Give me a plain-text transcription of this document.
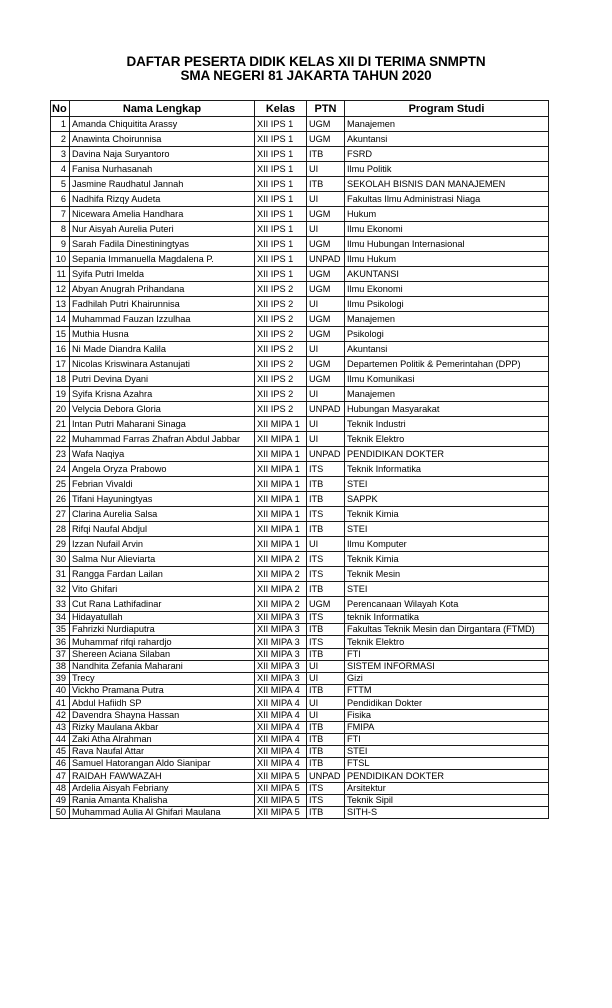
DAFTAR PESERTA DIDIK KELAS XII DI TERIMA SNMPTN
SMA NEGERI 81 JAKARTA TAHUN 2020
No	Nama Lengkap	Kelas	PTN	Program Studi
1	Amanda Chiquitita Arassy	XII IPS 1	UGM	Manajemen
2	Anawinta Choirunnisa	XII IPS 1	UGM	Akuntansi
3	Davina Naja Suryantoro	XII IPS 1	ITB	FSRD
4	Fanisa Nurhasanah	XII IPS 1	UI	Ilmu Politik
5	Jasmine Raudhatul Jannah	XII IPS 1	ITB	SEKOLAH BISNIS DAN MANAJEMEN
6	Nadhifa Rizqy Audeta	XII IPS 1	UI	Fakultas Ilmu Administrasi Niaga
7	Nicewara Amelia Handhara	XII IPS 1	UGM	Hukum
8	Nur Aisyah Aurelia Puteri	XII IPS 1	UI	Ilmu Ekonomi
9	Sarah Fadila Dinestiningtyas	XII IPS 1	UGM	Ilmu Hubungan Internasional
10	Sepania Immanuella Magdalena P.	XII IPS 1	UNPAD	Ilmu Hukum
11	Syifa Putri Imelda	XII IPS 1	UGM	AKUNTANSI
12	Abyan Anugrah Prihandana	XII IPS 2	UGM	Ilmu Ekonomi
13	Fadhilah Putri Khairunnisa	XII IPS 2	UI	Ilmu Psikologi
14	Muhammad Fauzan Izzulhaa	XII IPS 2	UGM	Manajemen
15	Muthia Husna	XII IPS 2	UGM	Psikologi
16	Ni Made Diandra Kalila	XII IPS 2	UI	Akuntansi
17	Nicolas Kriswinara Astanujati	XII IPS 2	UGM	Departemen Politik & Pemerintahan (DPP)
18	Putri Devina Dyani	XII IPS 2	UGM	Ilmu Komunikasi
19	Syifa Krisna Azahra	XII IPS 2	UI	Manajemen
20	Velycia Debora Gloria	XII IPS 2	UNPAD	Hubungan Masyarakat
21	Intan Putri Maharani Sinaga	XII MIPA 1	UI	Teknik Industri
22	Muhammad Farras Zhafran Abdul Jabbar	XII MIPA 1	UI	Teknik Elektro
23	Wafa Naqiya	XII MIPA 1	UNPAD	PENDIDIKAN DOKTER
24	Angela Oryza Prabowo	XII MIPA 1	ITS	Teknik Informatika
25	Febrian Vivaldi	XII MIPA 1	ITB	STEI
26	Tifani Hayuningtyas	XII MIPA 1	ITB	SAPPK
27	Clarina Aurelia Salsa	XII MIPA 1	ITS	Teknik Kimia
28	Rifqi Naufal Abdjul	XII MIPA 1	ITB	STEI
29	Izzan Nufail Arvin	XII MIPA 1	UI	Ilmu Komputer
30	Salma Nur Alieviarta	XII MIPA 2	ITS	Teknik Kimia
31	Rangga Fardan Lailan	XII MIPA 2	ITS	Teknik Mesin
32	Vito Ghifari	XII MIPA 2	ITB	STEI
33	Cut Rana Lathifadinar	XII MIPA 2	UGM	Perencanaan Wilayah Kota
34	Hidayatullah	XII MIPA 3	ITS	teknik Informatika
35	Fahrizki Nurdiaputra	XII MIPA 3	ITB	Fakultas Teknik Mesin dan Dirgantara (FTMD)
36	Muhammaf rifqi rahardjo	XII MIPA 3	ITS	Teknik Elektro
37	Shereen Aciana Silaban	XII MIPA 3	ITB	FTI
38	Nandhita Zefania Maharani	XII MIPA 3	UI	SISTEM INFORMASI
39	Trecy	XII MIPA 3	UI	Gizi
40	Vickho Pramana Putra	XII MIPA 4	ITB	FTTM
41	Abdul Hafiidh SP	XII MIPA 4	UI	Pendidikan Dokter
42	Davendra Shayna Hassan	XII MIPA 4	UI	Fisika
43	Rizky Maulana Akbar	XII MIPA 4	ITB	FMIPA
44	Zaki Atha Alrahman	XII MIPA 4	ITB	FTI
45	Rava Naufal Attar	XII MIPA 4	ITB	STEI
46	Samuel Hatorangan Aldo Sianipar	XII MIPA 4	ITB	FTSL
47	RAIDAH FAWWAZAH	XII MIPA 5	UNPAD	PENDIDIKAN DOKTER
48	Ardelia Aisyah Febriany	XII MIPA 5	ITS	Arsitektur
49	Rania Amanta Khalisha	XII MIPA 5	ITS	Teknik Sipil
50	Muhammad Aulia Al Ghifari Maulana	XII MIPA 5	ITB	SITH-S
